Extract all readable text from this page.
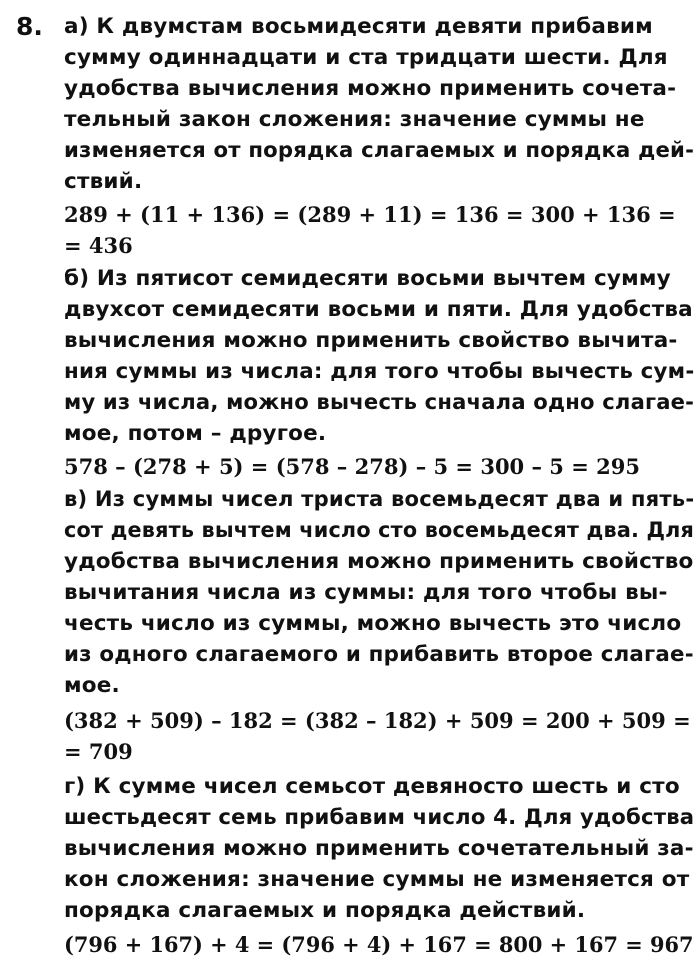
8. а) К двумстам восьмидесяти девяти прибавим
сумму одиннадцати и ста тридцати шести. Для
удобства вычисления можно применить сочета-
тельный закон сложения: значение суммы не
изменяется от порядка слагаемых и порядка дей-
ствий.
289 + (11 + 136) = (289 + 11) = 136 = 300 + 136 =
= 436
б) Из пятисот семидесяти восьми вычтем сумму
двухсот семидесяти восьми и пяти. Для удобства
вычисления можно применить свойство вычита-
ния суммы из числа: для того чтобы вычесть сум-
му из числа, можно вычесть сначала одно слагае-
мое, потом – другое.
578 – (278 + 5) = (578 – 278) – 5 = 300 – 5 = 295
в) Из суммы чисел триста восемьдесят два и пять-
сот девять вычтем число сто восемьдесят два. Для
удобства вычисления можно применить свойство
вычитания числа из суммы: для того чтобы вы-
честь число из суммы, можно вычесть это число
из одного слагаемого и прибавить второе слагае-
мое.
(382 + 509) – 182 = (382 – 182) + 509 = 200 + 509 =
= 709
г) К сумме чисел семьсот девяносто шесть и сто
шестьдесят семь прибавим число 4. Для удобства
вычисления можно применить сочетательный за-
кон сложения: значение суммы не изменяется от
порядка слагаемых и порядка действий.
(796 + 167) + 4 = (796 + 4) + 167 = 800 + 167 = 967
